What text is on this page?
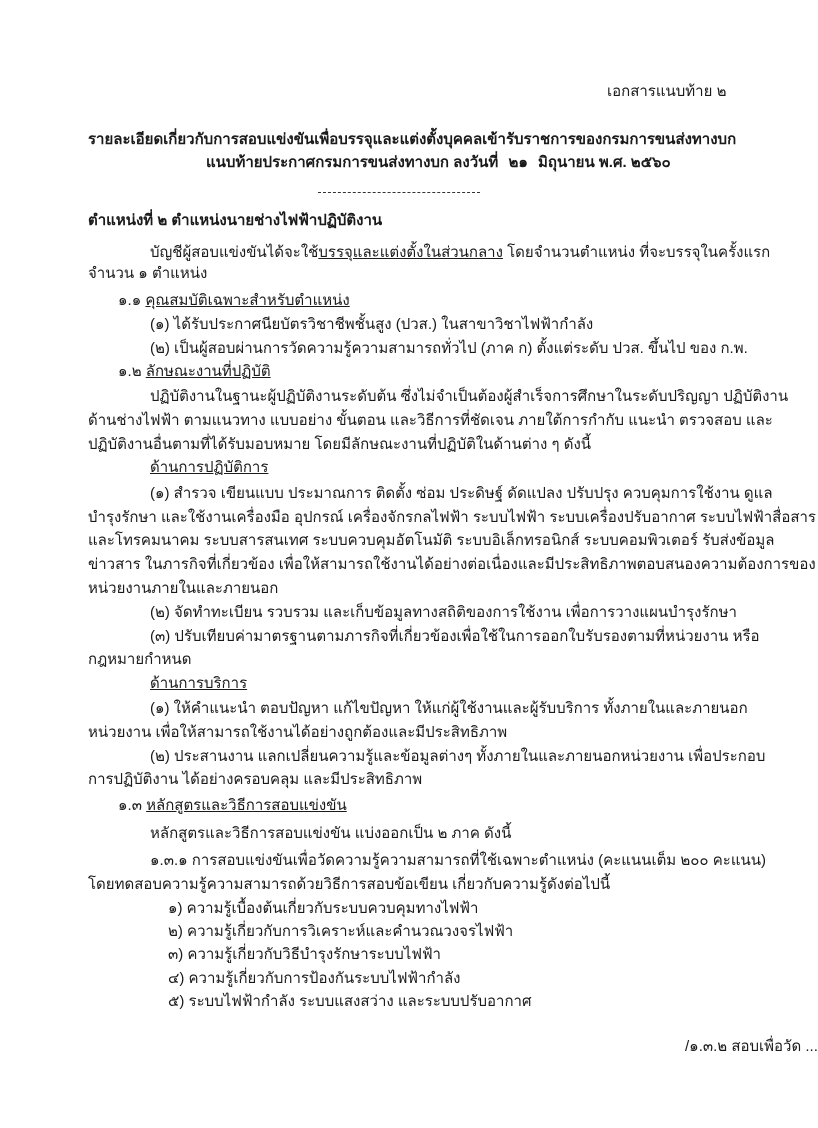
เอกสารแนบท้าย ๒
รายละเอียดเกี่ยวกับการสอบแข่งขันเพื่อบรรจุและแต่งตั้งบุคคลเข้ารับราชการของกรมการขนส่งทางบก
แนบท้ายประกาศกรมการขนส่งทางบก ลงวันที่ ๒๑ มิถุนายน พ.ศ. ๒๕๖๐
ตำแหน่งที่ ๒ ตำแหน่งนายช่างไฟฟ้าปฏิบัติงาน
บัญชีผู้สอบแข่งขันได้จะใช้บรรจุและแต่งตั้งในส่วนกลาง โดยจำนวนตำแหน่ง ที่จะบรรจุในครั้งแรก
จำนวน ๑ ตำแหน่ง
๑.๑ คุณสมบัติเฉพาะสำหรับตำแหน่ง
(๑) ได้รับประกาศนียบัตรวิชาชีพชั้นสูง (ปวส.) ในสาขาวิชาไฟฟ้ากำลัง
(๒) เป็นผู้สอบผ่านการวัดความรู้ความสามารถทั่วไป (ภาค ก) ตั้งแต่ระดับ ปวส. ขึ้นไป ของ ก.พ.
๑.๒ ลักษณะงานที่ปฏิบัติ
ปฏิบัติงานในฐานะผู้ปฏิบัติงานระดับต้น ซึ่งไม่จำเป็นต้องผู้สำเร็จการศึกษาในระดับปริญญา ปฏิบัติงาน
ด้านช่างไฟฟ้า ตามแนวทาง แบบอย่าง ขั้นตอน และวิธีการที่ชัดเจน ภายใต้การกำกับ แนะนำ ตรวจสอบ และ
ปฏิบัติงานอื่นตามที่ได้รับมอบหมาย โดยมีลักษณะงานที่ปฏิบัติในด้านต่าง ๆ ดังนี้
ด้านการปฏิบัติการ
(๑) สำรวจ เขียนแบบ ประมาณการ ติดตั้ง ซ่อม ประดิษฐ์ ดัดแปลง ปรับปรุง ควบคุมการใช้งาน ดูแล
บำรุงรักษา และใช้งานเครื่องมือ อุปกรณ์ เครื่องจักรกลไฟฟ้า ระบบไฟฟ้า ระบบเครื่องปรับอากาศ ระบบไฟฟ้าสื่อสาร
และโทรคมนาคม ระบบสารสนเทศ ระบบควบคุมอัตโนมัติ ระบบอิเล็กทรอนิกส์ ระบบคอมพิวเตอร์ รับส่งข้อมูล
ข่าวสาร ในภารกิจที่เกี่ยวข้อง เพื่อให้สามารถใช้งานได้อย่างต่อเนื่องและมีประสิทธิภาพตอบสนองความต้องการของ
หน่วยงานภายในและภายนอก
(๒) จัดทำทะเบียน รวบรวม และเก็บข้อมูลทางสถิติของการใช้งาน เพื่อการวางแผนบำรุงรักษา
(๓) ปรับเทียบค่ามาตรฐานตามภารกิจที่เกี่ยวข้องเพื่อใช้ในการออกใบรับรองตามที่หน่วยงาน หรือ
กฎหมายกำหนด
ด้านการบริการ
(๑) ให้คำแนะนำ ตอบปัญหา แก้ไขปัญหา ให้แก่ผู้ใช้งานและผู้รับบริการ ทั้งภายในและภายนอก
หน่วยงาน เพื่อให้สามารถใช้งานได้อย่างถูกต้องและมีประสิทธิภาพ
(๒) ประสานงาน แลกเปลี่ยนความรู้และข้อมูลต่างๆ ทั้งภายในและภายนอกหน่วยงาน เพื่อประกอบ
การปฏิบัติงาน ได้อย่างครอบคลุม และมีประสิทธิภาพ
๑.๓ หลักสูตรและวิธีการสอบแข่งขัน
หลักสูตรและวิธีการสอบแข่งขัน แบ่งออกเป็น ๒ ภาค ดังนี้
๑.๓.๑ การสอบแข่งขันเพื่อวัดความรู้ความสามารถที่ใช้เฉพาะตำแหน่ง (คะแนนเต็ม ๒๐๐ คะแนน)
โดยทดสอบความรู้ความสามารถด้วยวิธีการสอบข้อเขียน เกี่ยวกับความรู้ดังต่อไปนี้
๑) ความรู้เบื้องต้นเกี่ยวกับระบบควบคุมทางไฟฟ้า
๒) ความรู้เกี่ยวกับการวิเคราะห์และคำนวณวงจรไฟฟ้า
๓) ความรู้เกี่ยวกับวิธีบำรุงรักษาระบบไฟฟ้า
๔) ความรู้เกี่ยวกับการป้องกันระบบไฟฟ้ากำลัง
๕) ระบบไฟฟ้ากำลัง ระบบแสงสว่าง และระบบปรับอากาศ
/๑.๓.๒ สอบเพื่อวัด ...
